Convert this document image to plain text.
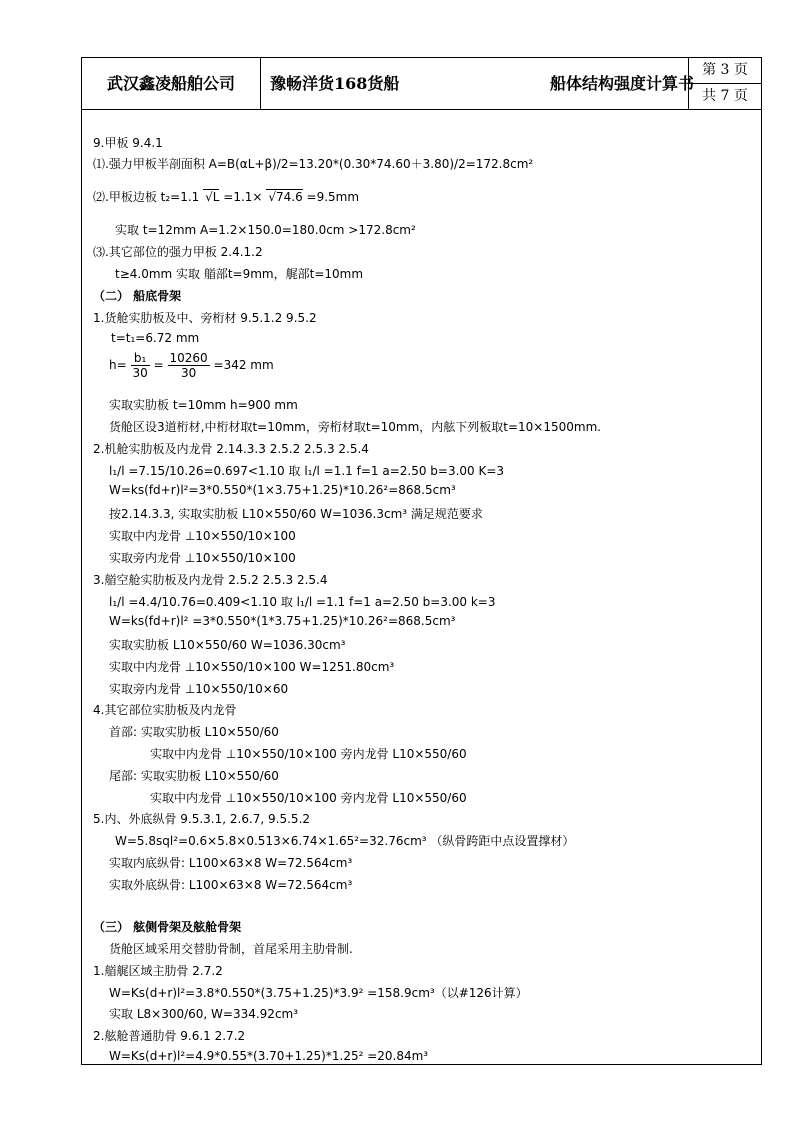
武汉鑫凌船舶公司	豫畅洋货168货船	船体结构强度计算书
第 3 页
共 7 页
9.甲板 9.4.1
⑴.强力甲板半剖面积 A=B(αL+β)/2=13.20*(0.30*74.60＋3.80)/2=172.8cm²
⑵.甲板边板 t₂=1.1 √L =1.1× √74.6 =9.5mm
实取 t=12mm A=1.2×150.0=180.0cm >172.8cm²
⑶.其它部位的强力甲板 2.4.1.2
t≥4.0mm 实取 艏部t=9mm，艉部t=10mm
（二） 船底骨架
1.货舱实肋板及中、旁桁材 9.5.1.2 9.5.2
t=t₁=6.72 mm
$h= \frac{\text{b₁}}{30} = \frac{10260}{30} =342$ mm
实取实肋板 t=10mm h=900 mm
货舱区设3道桁材,中桁材取t=10mm，旁桁材取t=10mm，内舷下列板取t=10×1500mm.
2.机舱实肋板及内龙骨 2.14.3.3 2.5.2 2.5.3 2.5.4
l₁/l =7.15/10.26=0.697<1.10 取 l₁/l =1.1 f=1 a=2.50 b=3.00 K=3
W=ks(fd+r)l²=3*0.550*(1×3.75+1.25)*10.26²=868.5cm³
按2.14.3.3, 实取实肋板 L10×550/60 W=1036.3cm³ 满足规范要求
实取中内龙骨 ⊥10×550/10×100
实取旁内龙骨 ⊥10×550/10×100
3.艏空舱实肋板及内龙骨 2.5.2 2.5.3 2.5.4
l₁/l =4.4/10.76=0.409<1.10 取 l₁/l =1.1 f=1 a=2.50 b=3.00 k=3
W=ks(fd+r)l² =3*0.550*(1*3.75+1.25)*10.26²=868.5cm³
实取实肋板 L10×550/60 W=1036.30cm³
实取中内龙骨 ⊥10×550/10×100 W=1251.80cm³
实取旁内龙骨 ⊥10×550/10×60
4.其它部位实肋板及内龙骨
首部: 实取实肋板 L10×550/60
实取中内龙骨 ⊥10×550/10×100 旁内龙骨 L10×550/60
尾部: 实取实肋板 L10×550/60
实取中内龙骨 ⊥10×550/10×100 旁内龙骨 L10×550/60
5.内、外底纵骨 9.5.3.1, 2.6.7, 9.5.5.2
W=5.8sql²=0.6×5.8×0.513×6.74×1.65²=32.76cm³ （纵骨跨距中点设置撑材）
实取内底纵骨: L100×63×8 W=72.564cm³
实取外底纵骨: L100×63×8 W=72.564cm³
（三） 舷侧骨架及舷舱骨架
货舱区域采用交替肋骨制，首尾采用主肋骨制.
1.艏艉区域主肋骨 2.7.2
W=Ks(d+r)l²=3.8*0.550*(3.75+1.25)*3.9² =158.9cm³（以#126计算）
实取 L8×300/60, W=334.92cm³
2.舷舱普通肋骨 9.6.1 2.7.2
W=Ks(d+r)l²=4.9*0.55*(3.70+1.25)*1.25² =20.84m³
